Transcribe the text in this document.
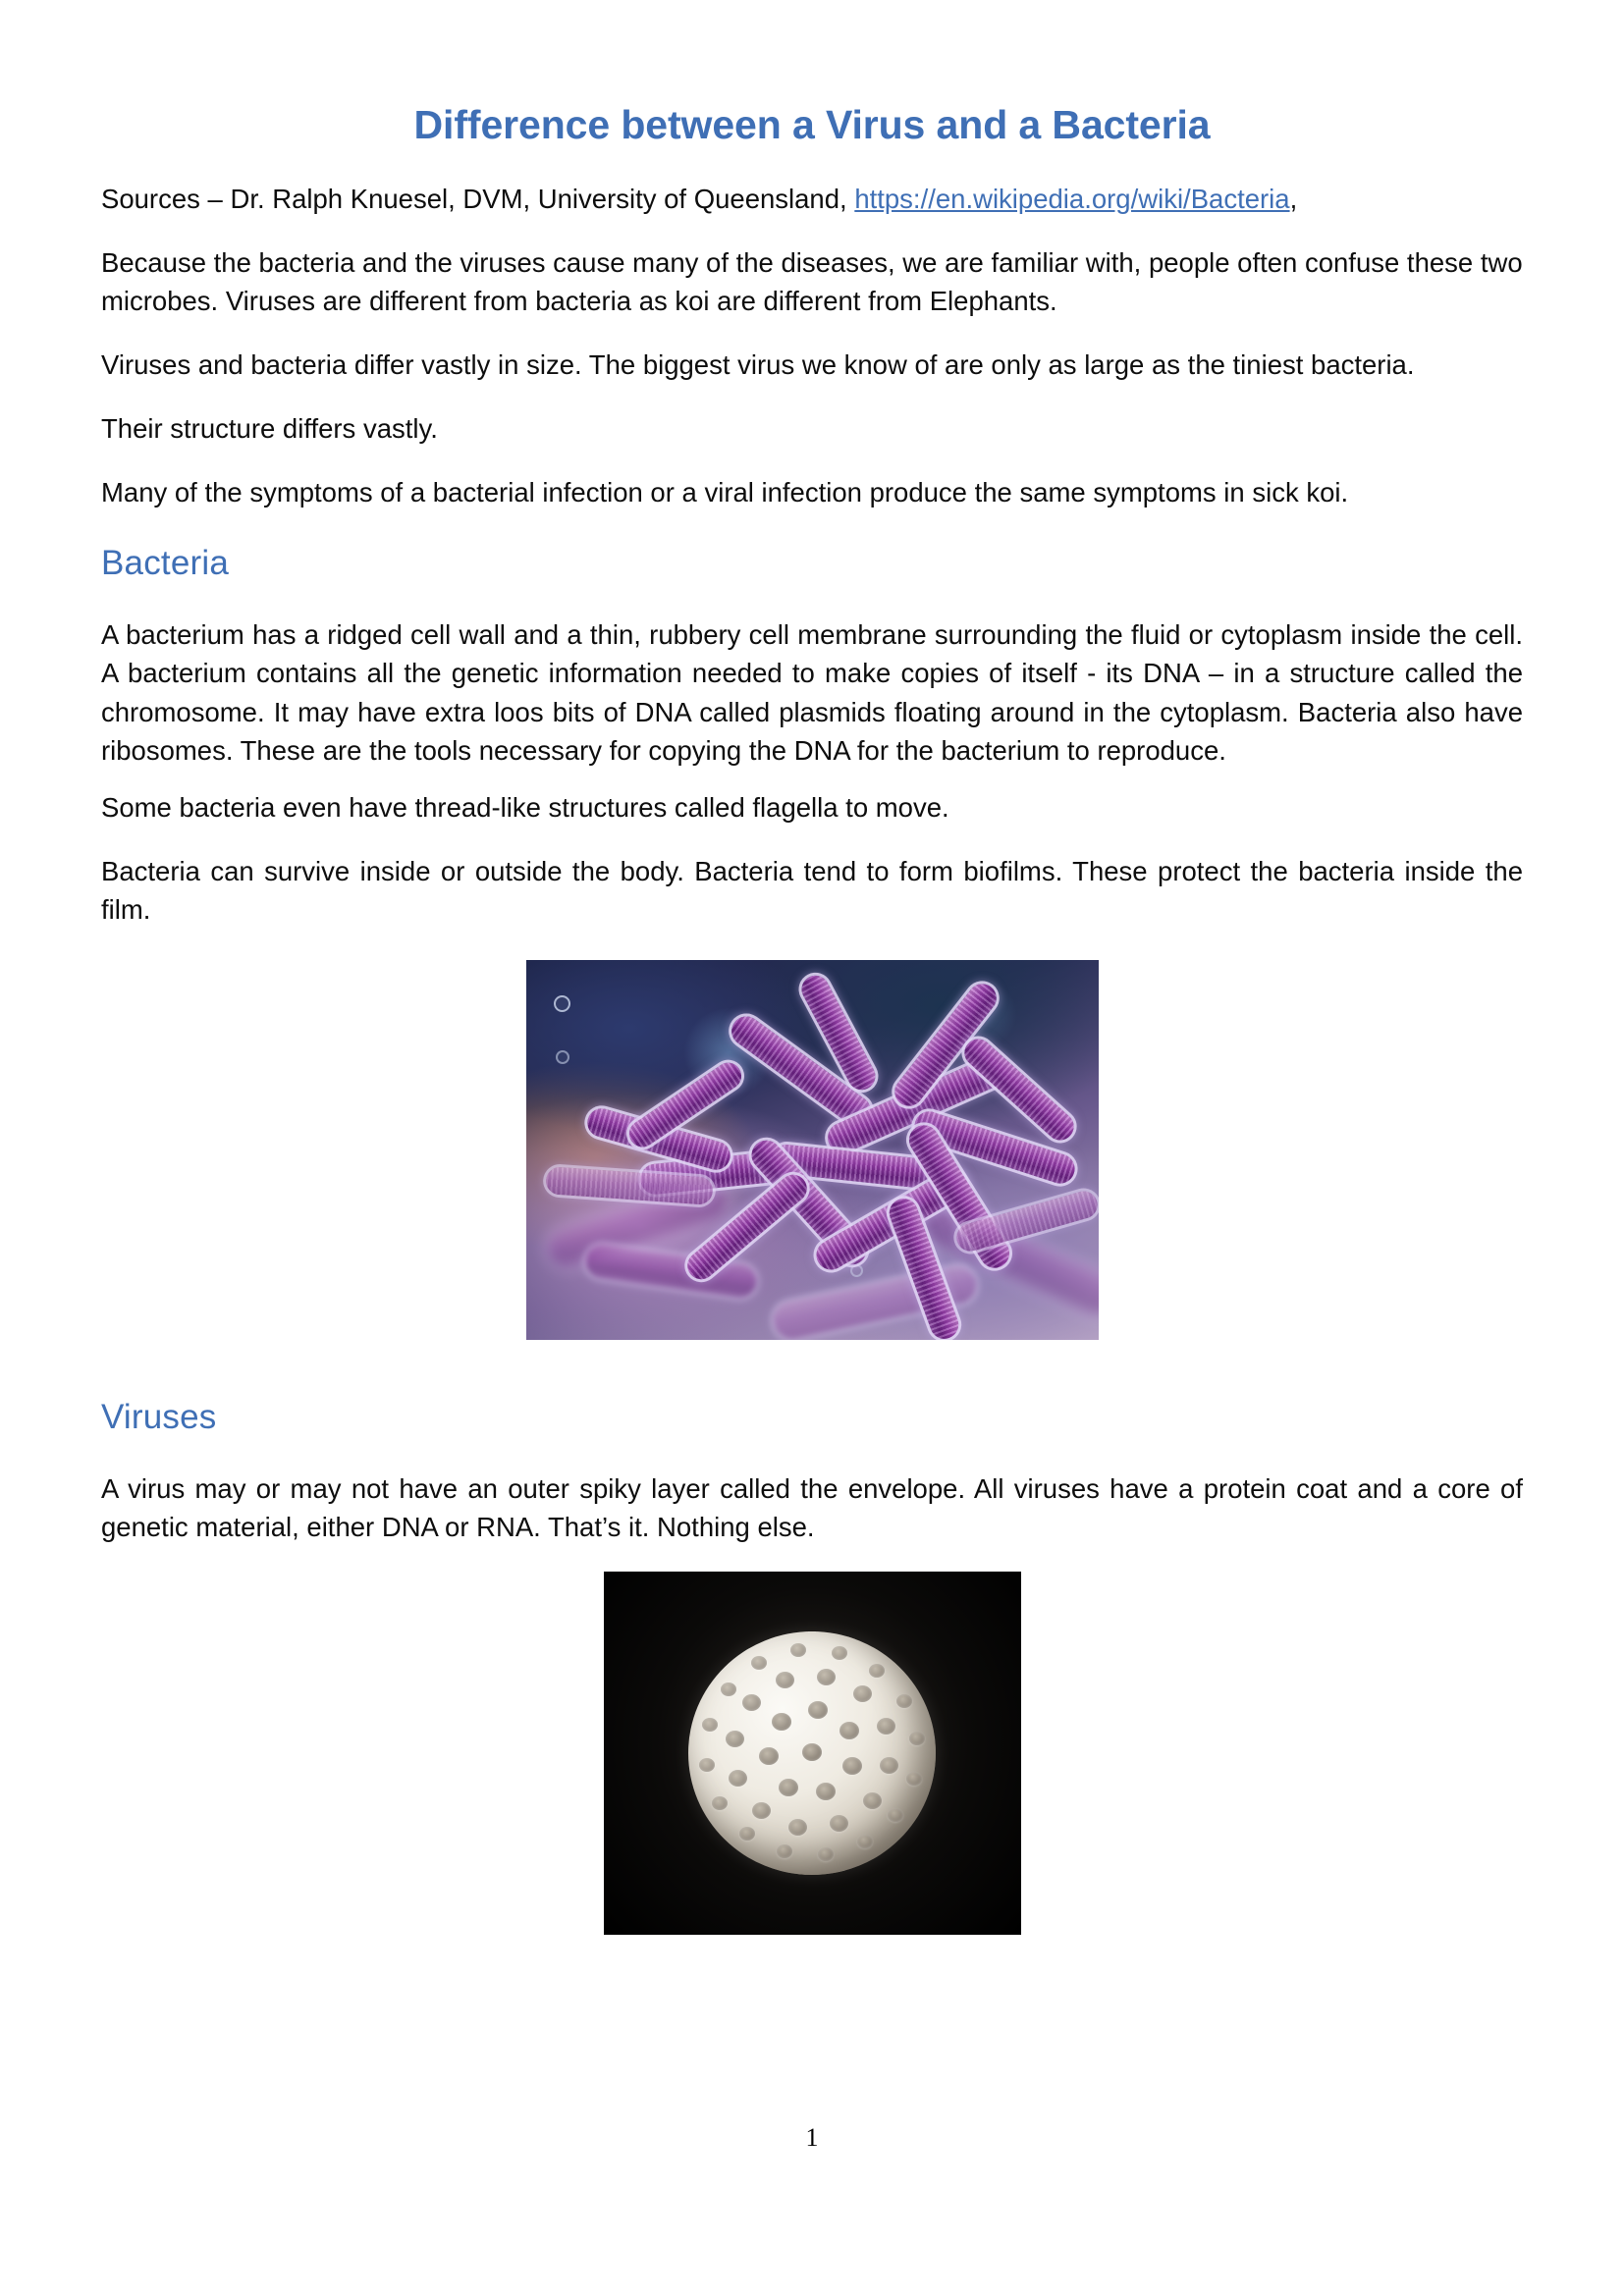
Difference between a Virus and a Bacteria

Sources – Dr. Ralph Knuesel, DVM, University of Queensland, https://en.wikipedia.org/wiki/Bacteria,

Because the bacteria and the viruses cause many of the diseases, we are familiar with, people often confuse these two microbes. Viruses are different from bacteria as koi are different from Elephants.

Viruses and bacteria differ vastly in size. The biggest virus we know of are only as large as the tiniest bacteria.

Their structure differs vastly.

Many of the symptoms of a bacterial infection or a viral infection produce the same symptoms in sick koi.

Bacteria

A bacterium has a ridged cell wall and a thin, rubbery cell membrane surrounding the fluid or cytoplasm inside the cell. A bacterium contains all the genetic information needed to make copies of itself - its DNA – in a structure called the chromosome. It may have extra loos bits of DNA called plasmids floating around in the cytoplasm. Bacteria also have ribosomes. These are the tools necessary for copying the DNA for the bacterium to reproduce.

Some bacteria even have thread-like structures called flagella to move.

Bacteria can survive inside or outside the body. Bacteria tend to form biofilms. These protect the bacteria inside the film.

Viruses

A virus may or may not have an outer spiky layer called the envelope. All viruses have a protein coat and a core of genetic material, either DNA or RNA. That’s it. Nothing else.

1
